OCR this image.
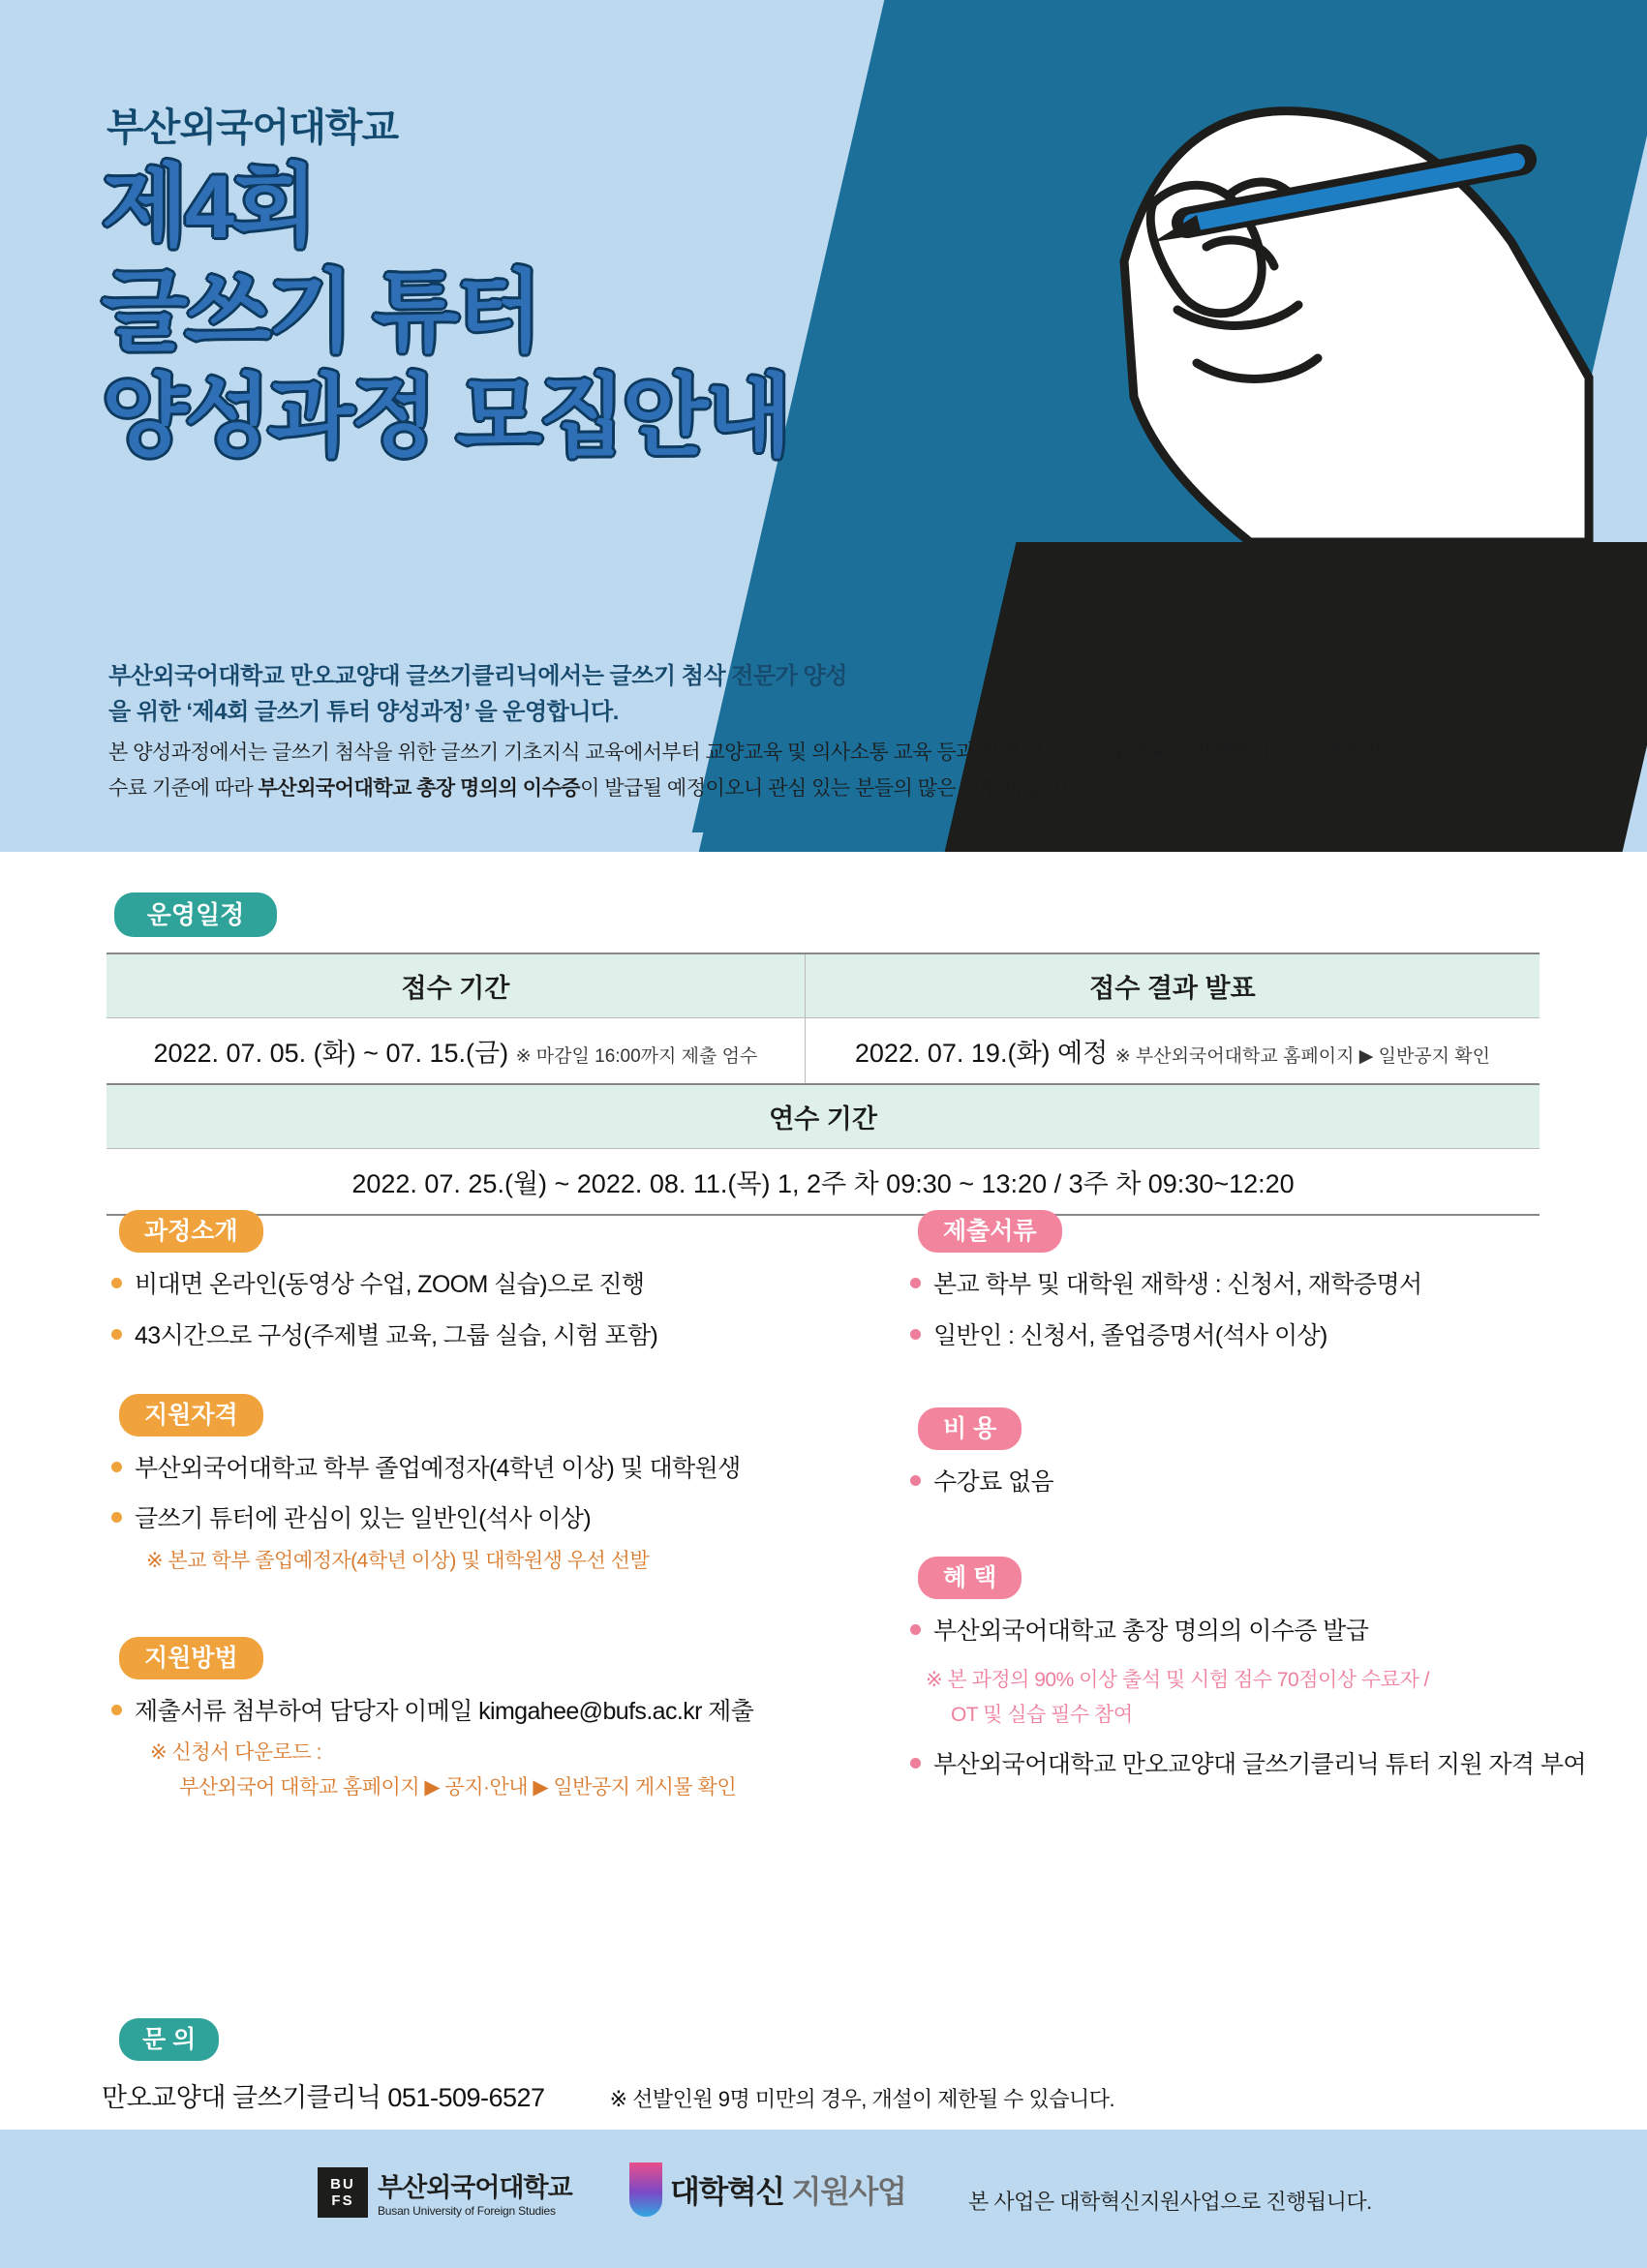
부산외국어대학교
제4회
글쓰기 튜터
양성과정 모집안내
부산외국어대학교 만오교양대 글쓰기클리닉에서는 글쓰기 첨삭 전문가 양성
을 위한 ‘제4회 글쓰기 튜터 양성과정’ 을 운영합니다.
본 양성과정에서는 글쓰기 첨삭을 위한 글쓰기 기초지식 교육에서부터 교양교육 및 의사소통 교육 등과 관련 이론과 실습 교육을 진행합니다. 본 과정의 수료 기준에 따라 부산외국어대학교 총장 명의의 이수증이 발급될 예정이오니 관심 있는 분들의 많은 신청 바랍니다.
운영일정
접수 기간	접수 결과 발표
2022. 07. 05. (화) ~ 07. 15.(금) ※ 마감일 16:00까지 제출 엄수	2022. 07. 19.(화) 예정 ※ 부산외국어대학교 홈페이지 ▶ 일반공지 확인
연수 기간	
2022. 07. 25.(월) ~ 2022. 08. 11.(목) 1, 2주 차 09:30 ~ 13:20 / 3주 차 09:30~12:20	
과정소개
비대면 온라인(동영상 수업, ZOOM 실습)으로 진행
43시간으로 구성(주제별 교육, 그룹 실습, 시험 포함)
지원자격
부산외국어대학교 학부 졸업예정자(4학년 이상) 및 대학원생
글쓰기 튜터에 관심이 있는 일반인(석사 이상)
※ 본교 학부 졸업예정자(4학년 이상) 및 대학원생 우선 선발
지원방법
제출서류 첨부하여 담당자 이메일 kimgahee@bufs.ac.kr 제출
※ 신청서 다운로드 :
부산외국어 대학교 홈페이지 ▶ 공지·안내 ▶ 일반공지 게시물 확인
제출서류
본교 학부 및 대학원 재학생 : 신청서, 재학증명서
일반인 : 신청서, 졸업증명서(석사 이상)
비 용
수강료 없음
혜 택
부산외국어대학교 총장 명의의 이수증 발급
※ 본 과정의 90% 이상 출석 및 시험 점수 70점이상 수료자 /
OT 및 실습 필수 참여
부산외국어대학교 만오교양대 글쓰기클리닉 튜터 지원 자격 부여
문 의
만오교양대 글쓰기클리닉 051-509-6527	※ 선발인원 9명 미만의 경우, 개설이 제한될 수 있습니다.
BU
FS 부산외국어대학교
Busan University of Foreign Studies
대학혁신 지원사업	본 사업은 대학혁신지원사업으로 진행됩니다.
